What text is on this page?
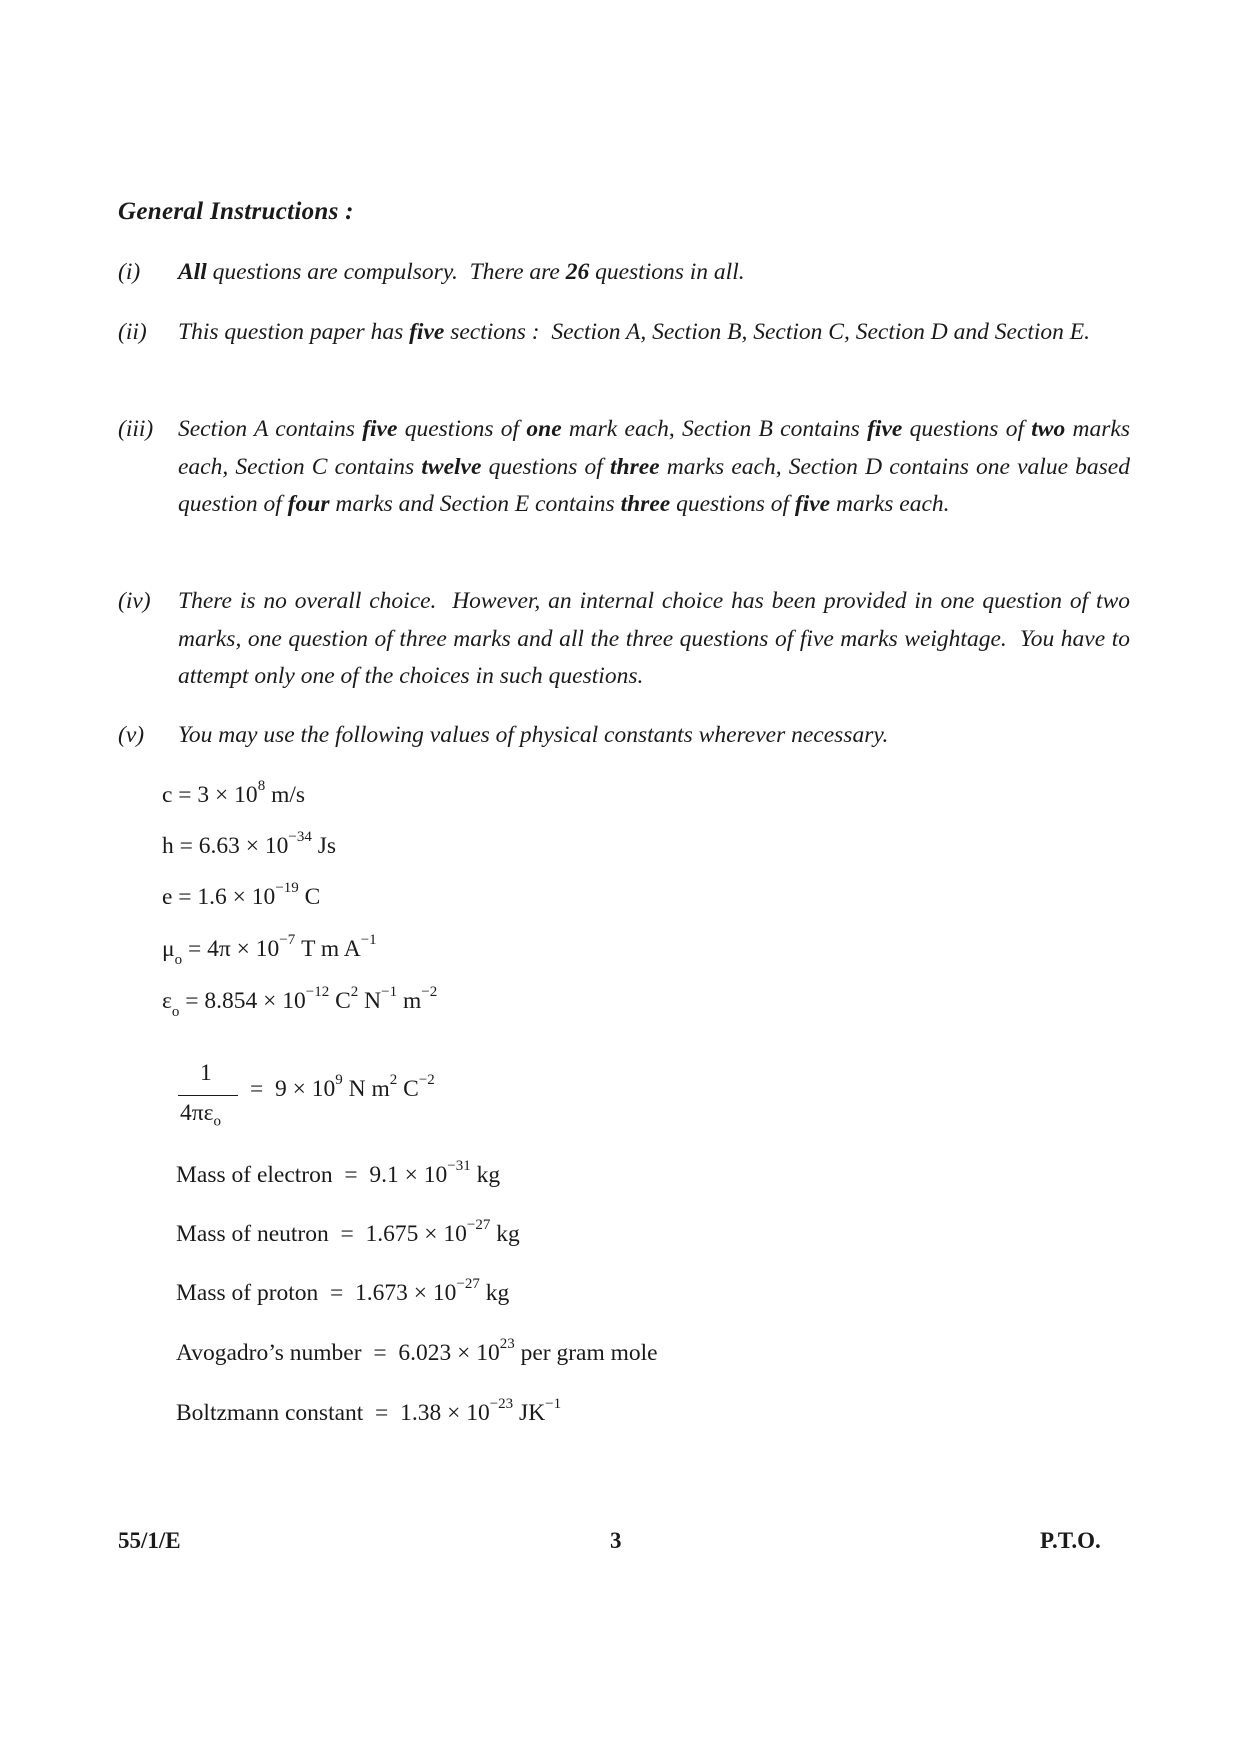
General Instructions :
(i)	All questions are compulsory.  There are 26 questions in all.
(ii)	This question paper has five sections :  Section A, Section B, Section C, Section D and Section E.
(iii)	Section A contains five questions of one mark each, Section B contains five questions of two marks each, Section C contains twelve questions of three marks each, Section D contains one value based question of four marks and Section E contains three questions of five marks each.
(iv)	There is no overall choice.  However, an internal choice has been provided in one question of two marks, one question of three marks and all the three questions of five marks weightage.  You have to attempt only one of the choices in such questions.
(v)	You may use the following values of physical constants wherever necessary.
$c = 3 \times 10^8$ m/s
$h = 6.63 \times 10^{-34}$ Js
$e = 1.6 \times 10^{-19}$ C
$\mu_o = 4\pi \times 10^{-7}$ T m $A^{-1}$
$\varepsilon_o = 8.854 \times 10^{-12}$ $C^2$ $N^{-1}$ $m^{-2}$
1
$4\pi\varepsilon_o$
=  $9 \times 10^9$ N $m^2$ $C^{-2}$
Mass of electron  =  $9.1 \times 10^{-31}$ kg
Mass of neutron  =  $1.675 \times 10^{-27}$ kg
Mass of proton  =  $1.673 \times 10^{-27}$ kg
Avogadro’s number  =  $6.023 \times 10^{23}$ per gram mole
Boltzmann constant  =  $1.38 \times 10^{-23}$ $JK^{-1}$
55/1/E	3	P.T.O.
